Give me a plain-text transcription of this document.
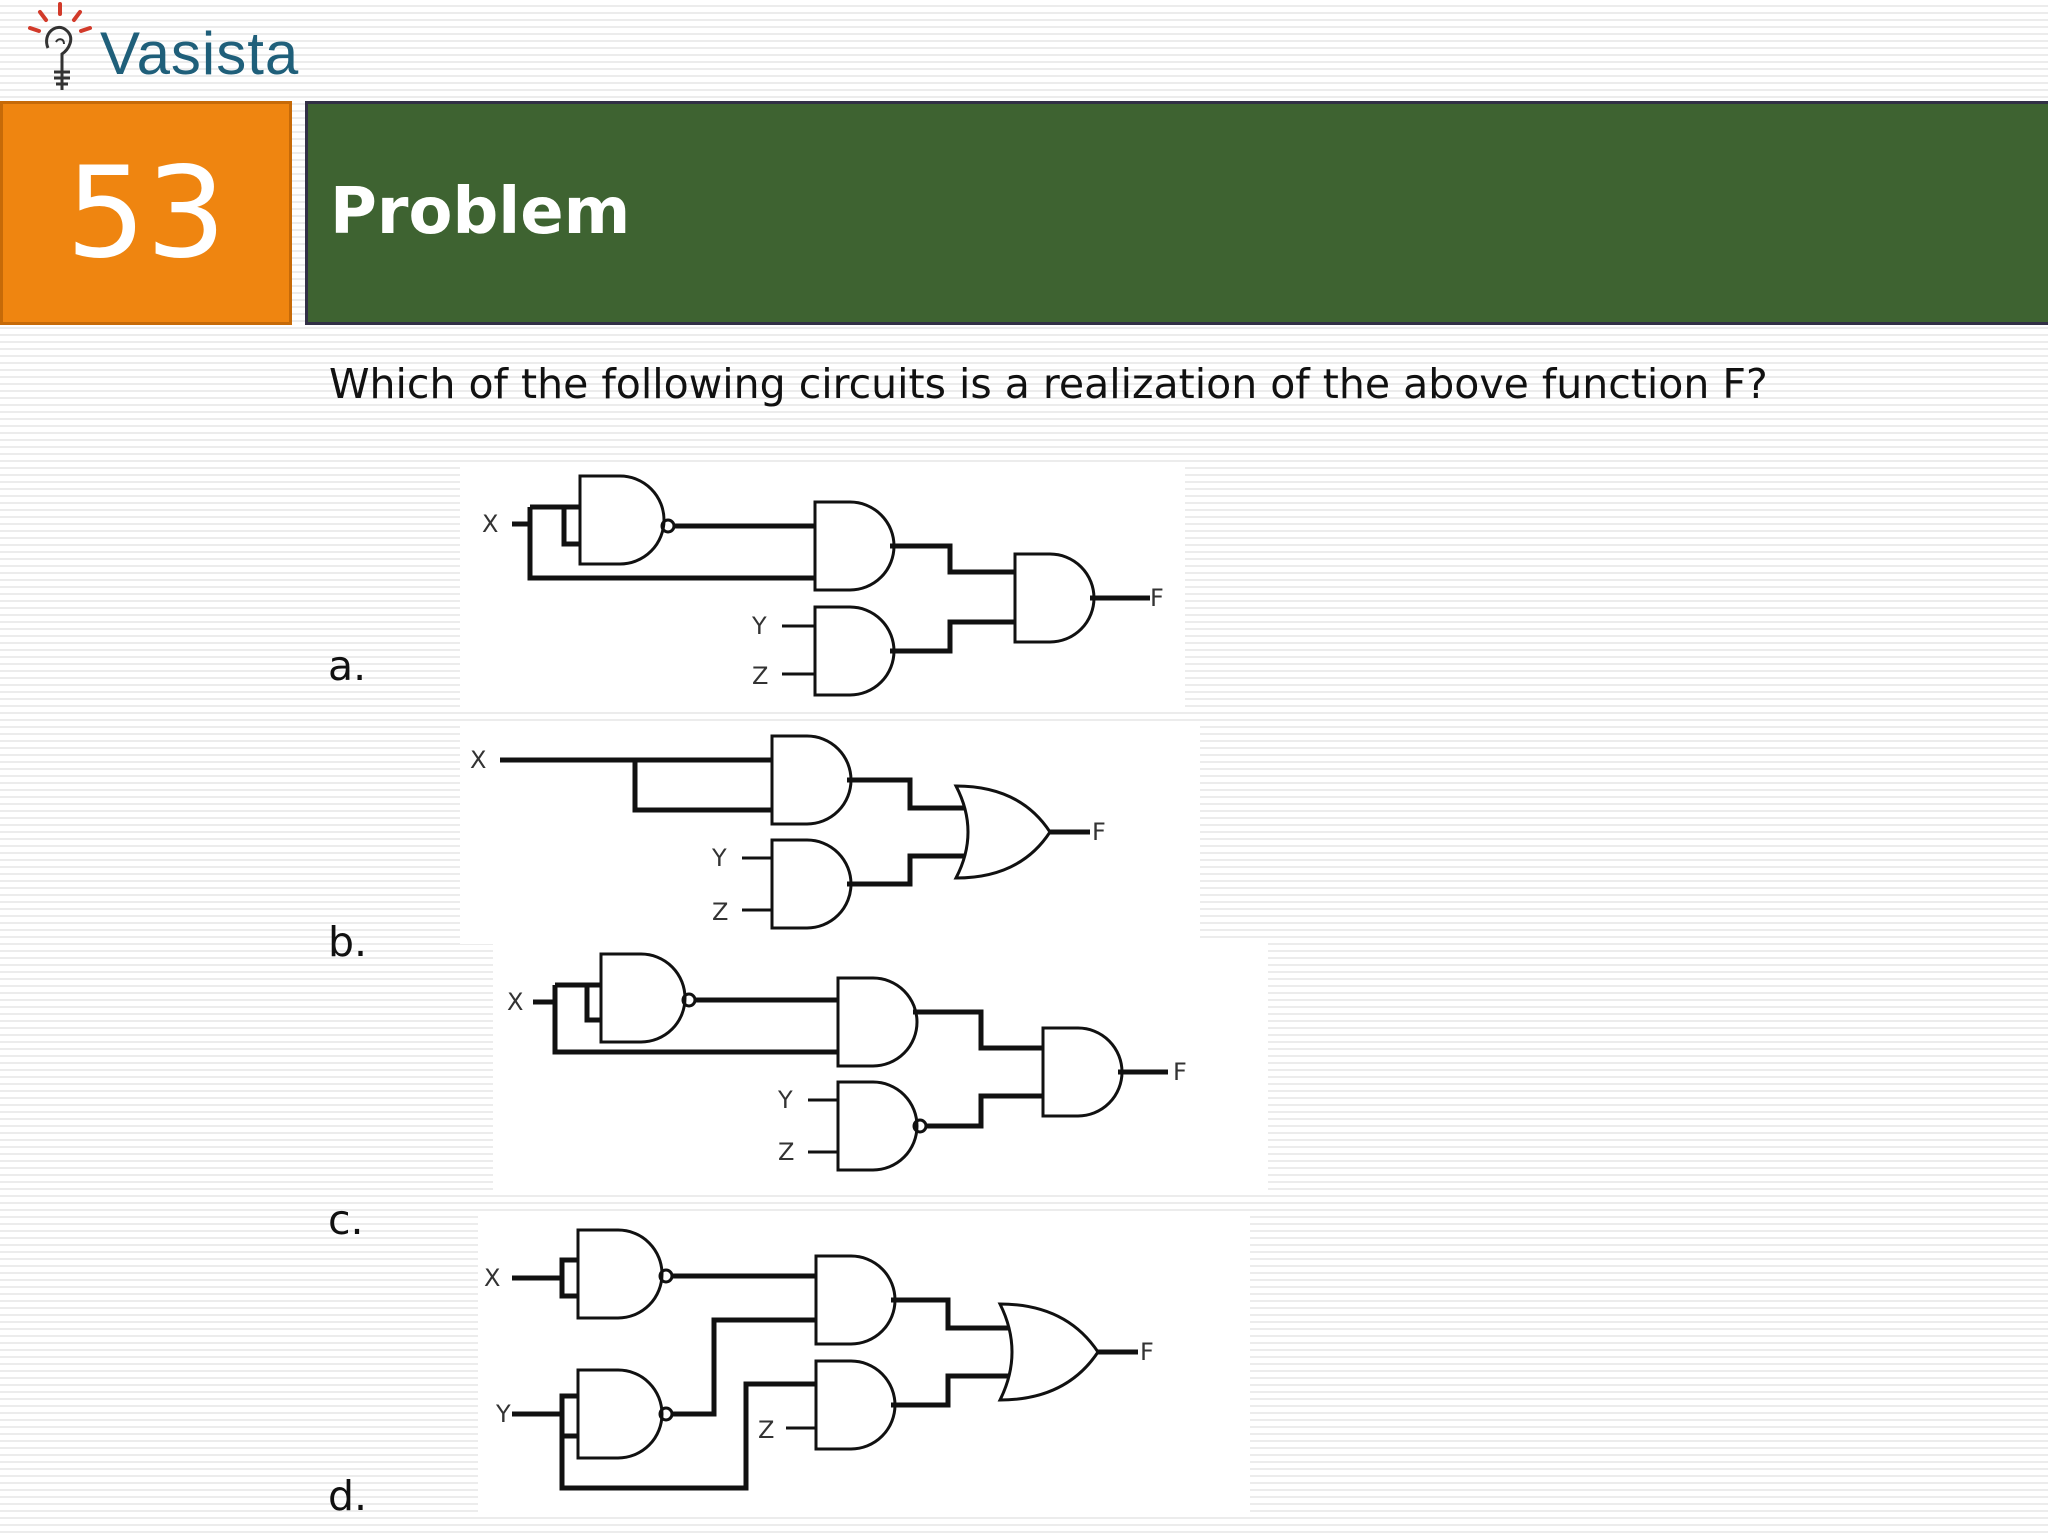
Vasista
53	Problem
Which of the following circuits is a realization of the above function F?
a.
b.
c.
d.
X
Y
Z
F
X
Y
Z
F
X
Y
Z
F
X
Y
Z
F
